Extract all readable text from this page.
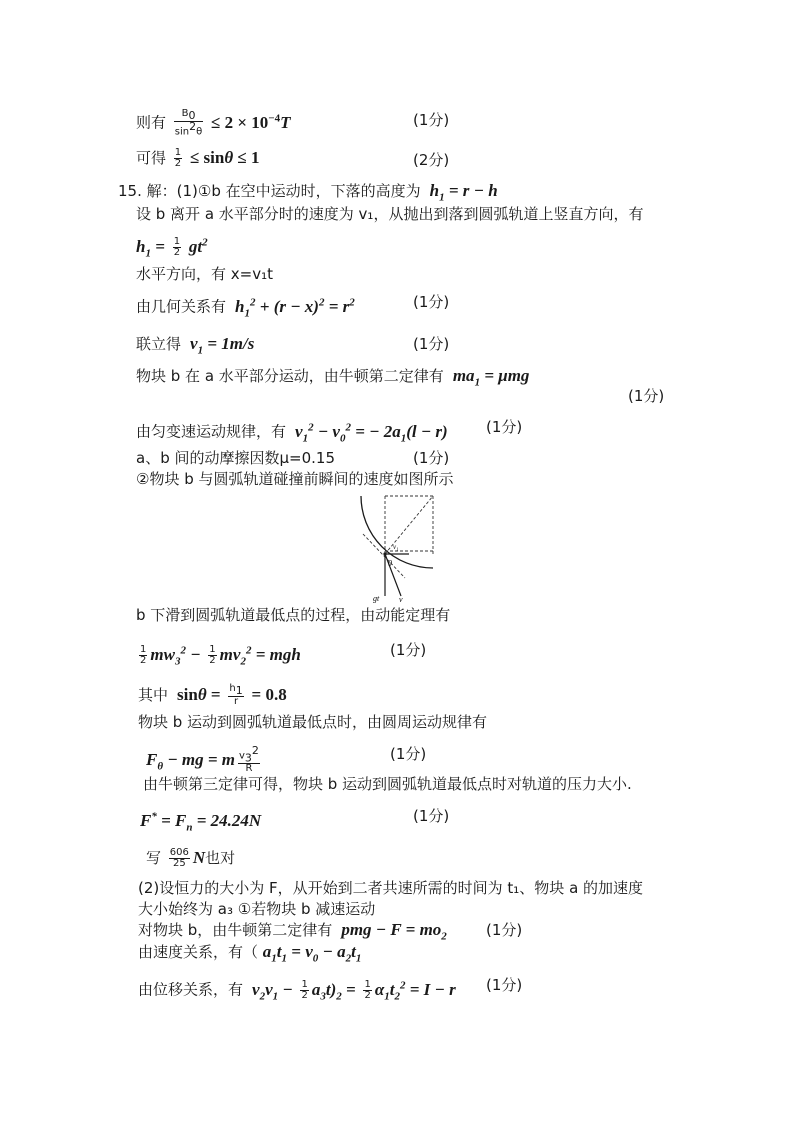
则有 $\frac{B_0}{\sin^2\theta} \le 2 \times 10^{-4}T$	(1分)
可得 $\frac{1}{2} \le \sin\theta \le 1$	(2分)
15. 解：(1)①b 在空中运动时，下落的高度为  $h_1 = r - h$
设 b 离开 a 水平部分时的速度为 v₁，从抛出到落到圆弧轨道上竖直方向，有
$h_1 = \frac{1}{2} gt^2$
水平方向，有 x=v₁t
由几何关系有  $h_1^2 + (r - x)^2 = r^2$	(1分)
联立得  $v_1 = 1m/s$	(1分)
物块 b 在 a 水平部分运动，由牛顿第二定律有  $ma_1 = \mu mg$
(1分)
由匀变速运动规律，有  $v_1^2 - v_0^2$ = − $2a_1(l - r)$	(1分)
a、b 间的动摩擦因数μ=0.15	(1分)
②物块 b 与圆弧轨道碰撞前瞬间的速度如图所示
v₁
θ
gt v
b 下滑到圆弧轨道最低点的过程，由动能定理有
$\frac{1}{2} mw_3^2 - \frac{1}{2} mv_2^2$ = mgh	(1分)
其中  $\sin\theta = \frac{h_1}{r} = 0.8$
物块 b 运动到圆弧轨道最低点时，由圆周运动规律有
$F_\theta$ − mg = m $\frac{v_3^2}{R}$	(1分)
由牛顿第三定律可得，物块 b 运动到圆弧轨道最低点时对轨道的压力大小.
$F^* = F_n = 24.24N$	(1分)
写 $\frac{606}{25}$ N也对
(2)设恒力的大小为 F，从开始到二者共速所需的时间为 t₁、物块 a 的加速度
大小始终为 a₃ ①若物块 b 减速运动
对物块 b，由牛顿第二定律有  pmg − $F = mo_2$	(1分)
由速度关系，有（ $a_1t_1 = v_0 - a_2t_1$
由位移关系，有  $v_2v_1 - \frac{1}{2} a_3t)_2 = \frac{1}{2} \alpha_1t_2^2 = I - r$ (1分)
